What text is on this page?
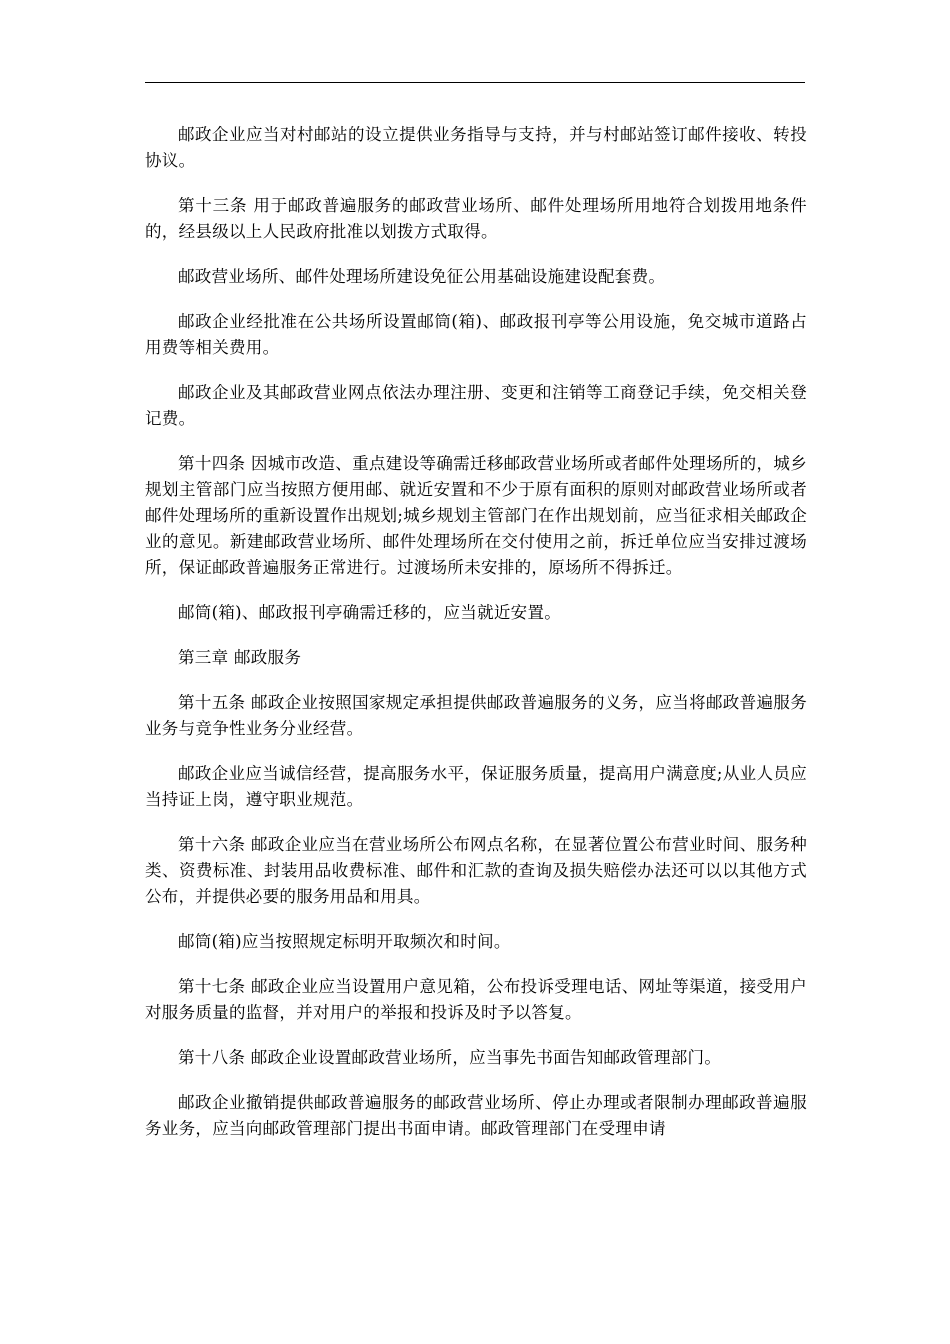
邮政企业应当对村邮站的设立提供业务指导与支持，并与村邮站签订邮件接收、转投协议。

第十三条 用于邮政普遍服务的邮政营业场所、邮件处理场所用地符合划拨用地条件的，经县级以上人民政府批准以划拨方式取得。

邮政营业场所、邮件处理场所建设免征公用基础设施建设配套费。

邮政企业经批准在公共场所设置邮筒(箱)、邮政报刊亭等公用设施，免交城市道路占用费等相关费用。

邮政企业及其邮政营业网点依法办理注册、变更和注销等工商登记手续，免交相关登记费。

第十四条 因城市改造、重点建设等确需迁移邮政营业场所或者邮件处理场所的，城乡规划主管部门应当按照方便用邮、就近安置和不少于原有面积的原则对邮政营业场所或者邮件处理场所的重新设置作出规划;城乡规划主管部门在作出规划前，应当征求相关邮政企业的意见。新建邮政营业场所、邮件处理场所在交付使用之前，拆迁单位应当安排过渡场所，保证邮政普遍服务正常进行。过渡场所未安排的，原场所不得拆迁。

邮筒(箱)、邮政报刊亭确需迁移的，应当就近安置。

第三章 邮政服务

第十五条 邮政企业按照国家规定承担提供邮政普遍服务的义务，应当将邮政普遍服务业务与竞争性业务分业经营。

邮政企业应当诚信经营，提高服务水平，保证服务质量，提高用户满意度;从业人员应当持证上岗，遵守职业规范。

第十六条 邮政企业应当在营业场所公布网点名称，在显著位置公布营业时间、服务种类、资费标准、封装用品收费标准、邮件和汇款的查询及损失赔偿办法还可以以其他方式公布，并提供必要的服务用品和用具。

邮筒(箱)应当按照规定标明开取频次和时间。

第十七条 邮政企业应当设置用户意见箱，公布投诉受理电话、网址等渠道，接受用户对服务质量的监督，并对用户的举报和投诉及时予以答复。

第十八条 邮政企业设置邮政营业场所，应当事先书面告知邮政管理部门。

邮政企业撤销提供邮政普遍服务的邮政营业场所、停止办理或者限制办理邮政普遍服务业务，应当向邮政管理部门提出书面申请。邮政管理部门在受理申请
